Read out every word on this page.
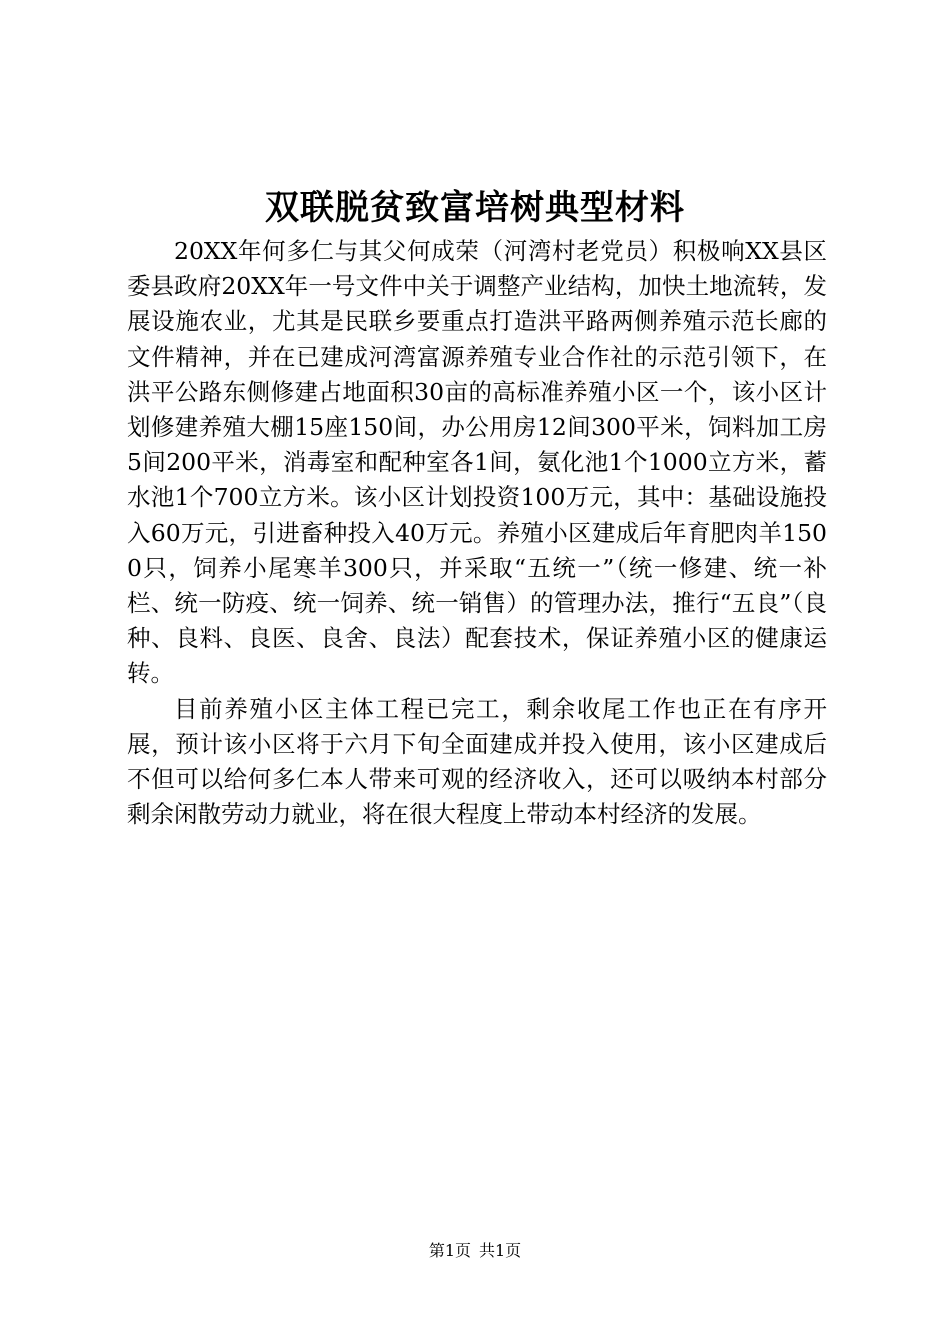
双联脱贫致富培树典型材料

20XX年何多仁与其父何成荣（河湾村老党员）积极响XX县区委县政府20XX年一号文件中关于调整产业结构，加快土地流转，发展设施农业，尤其是民联乡要重点打造洪平路两侧养殖示范长廊的文件精神，并在已建成河湾富源养殖专业合作社的示范引领下，在洪平公路东侧修建占地面积30亩的高标准养殖小区一个，该小区计划修建养殖大棚15座150间，办公用房12间300平米，饲料加工房5间200平米，消毒室和配种室各1间，氨化池1个1000立方米，蓄水池1个700立方米。该小区计划投资100万元，其中：基础设施投入60万元，引进畜种投入40万元。养殖小区建成后年育肥肉羊1500只，饲养小尾寒羊300只，并采取“五统一”（统一修建、统一补栏、统一防疫、统一饲养、统一销售）的管理办法，推行“五良”（良种、良料、良医、良舍、良法）配套技术，保证养殖小区的健康运转。

目前养殖小区主体工程已完工，剩余收尾工作也正在有序开展，预计该小区将于六月下旬全面建成并投入使用，该小区建成后不但可以给何多仁本人带来可观的经济收入，还可以吸纳本村部分剩余闲散劳动力就业，将在很大程度上带动本村经济的发展。

第1页 共1页
